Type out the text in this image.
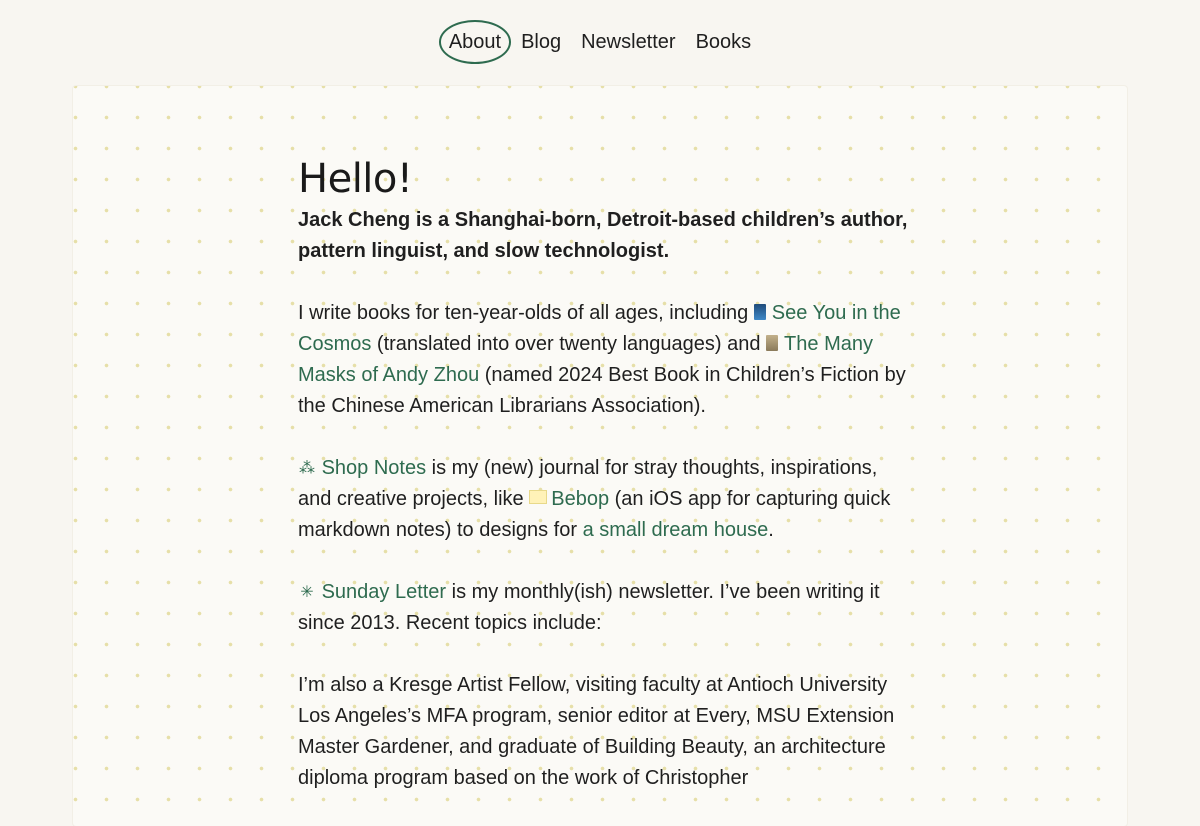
About	Blog	Newsletter	Books
Hello!

Jack Cheng is a Shanghai-born, Detroit-based children’s author, pattern linguist, and slow technologist.

I write books for ten-year-olds of all ages, including See You in the Cosmos (translated into over twenty languages) and The Many Masks of Andy Zhou (named 2024 Best Book in Children’s Fiction by the Chinese American Librarians Association).

⁂ Shop Notes is my (new) journal for stray thoughts, inspirations, and creative projects, like Bebop (an iOS app for capturing quick markdown notes) to designs for a small dream house.

✳ Sunday Letter is my monthly(ish) newsletter. I’ve been writing it since 2013. Recent topics include:

I’m also a Kresge Artist Fellow, visiting faculty at Antioch University Los Angeles’s MFA program, senior editor at Every, MSU Extension Master Gardener, and graduate of Building Beauty, an architecture diploma program based on the work of Christopher
